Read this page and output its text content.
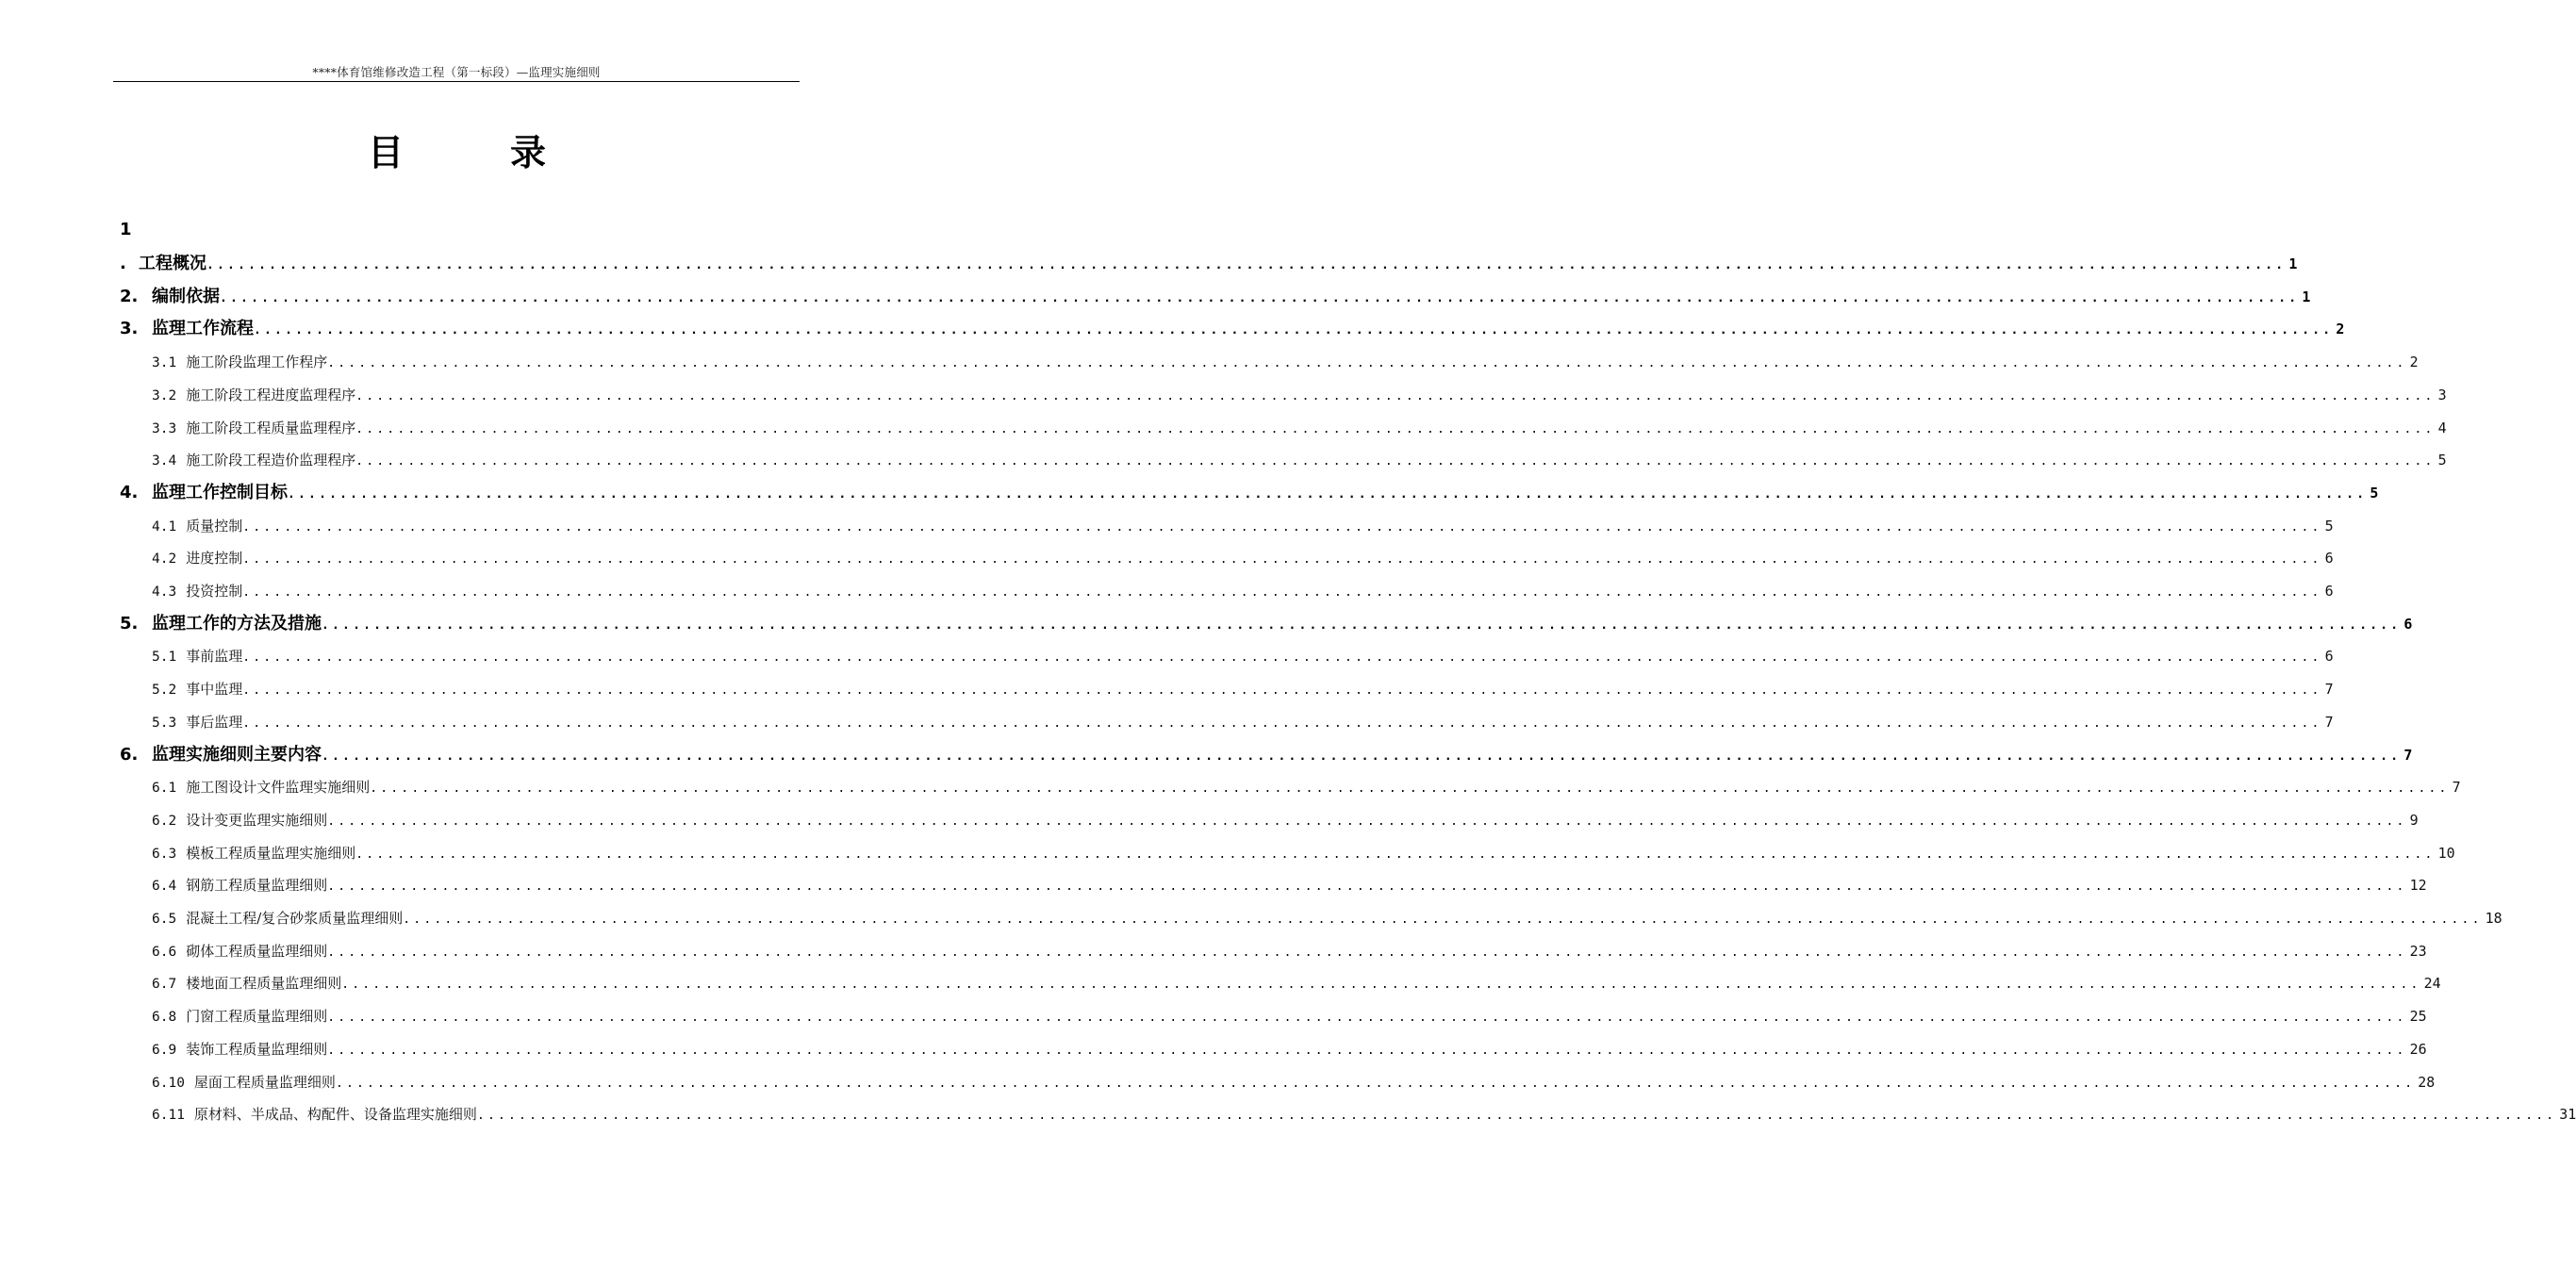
****体育馆维修改造工程（第一标段）—监理实施细则
目	录
1
. 工程概况 ........................................................................................................................................................................................................ 1
2. 编制依据 ........................................................................................................................................................................................................ 1
3. 监理工作流程 ........................................................................................................................................................................................................ 2
3.1 施工阶段监理工作程序 ........................................................................................................................................................................................................ 2
3.2 施工阶段工程进度监理程序 ........................................................................................................................................................................................................ 3
3.3 施工阶段工程质量监理程序 ........................................................................................................................................................................................................ 4
3.4 施工阶段工程造价监理程序 ........................................................................................................................................................................................................ 5
4. 监理工作控制目标 ........................................................................................................................................................................................................ 5
4.1 质量控制 ........................................................................................................................................................................................................ 5
4.2 进度控制 ........................................................................................................................................................................................................ 6
4.3 投资控制 ........................................................................................................................................................................................................ 6
5. 监理工作的方法及措施 ........................................................................................................................................................................................................ 6
5.1 事前监理 ........................................................................................................................................................................................................ 6
5.2 事中监理 ........................................................................................................................................................................................................ 7
5.3 事后监理 ........................................................................................................................................................................................................ 7
6. 监理实施细则主要内容 ........................................................................................................................................................................................................ 7
6.1 施工图设计文件监理实施细则 ........................................................................................................................................................................................................ 7
6.2 设计变更监理实施细则 ........................................................................................................................................................................................................ 9
6.3 模板工程质量监理实施细则 ........................................................................................................................................................................................................ 10
6.4 钢筋工程质量监理细则 ........................................................................................................................................................................................................ 12
6.5 混凝土工程/复合砂浆质量监理细则 ........................................................................................................................................................................................................ 18
6.6 砌体工程质量监理细则 ........................................................................................................................................................................................................ 23
6.7 楼地面工程质量监理细则 ........................................................................................................................................................................................................ 24
6.8 门窗工程质量监理细则 ........................................................................................................................................................................................................ 25
6.9 装饰工程质量监理细则 ........................................................................................................................................................................................................ 26
6.10 屋面工程质量监理细则 ........................................................................................................................................................................................................ 28
6.11 原材料、半成品、构配件、设备监理实施细则 ........................................................................................................................................................................................................ 31
